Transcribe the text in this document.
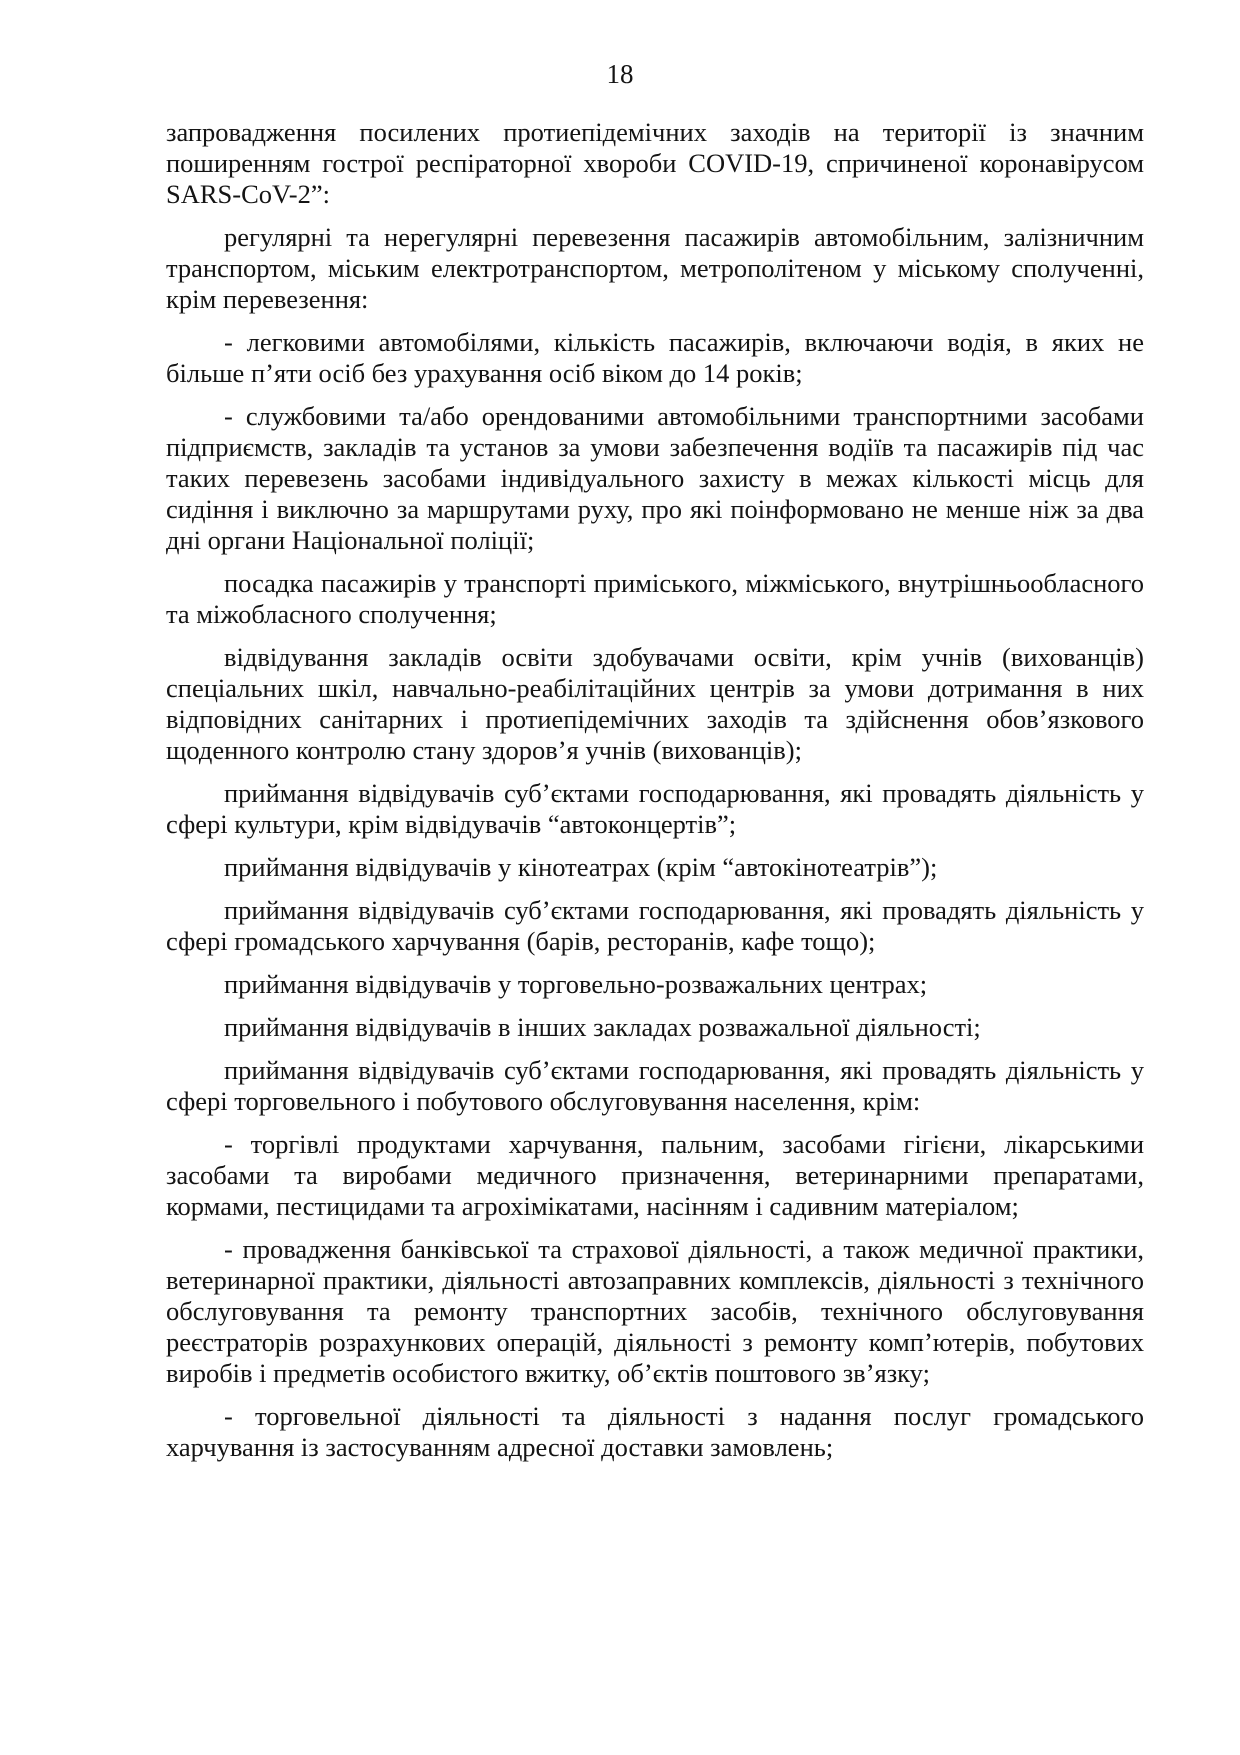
18

запровадження посилених протиепідемічних заходів на території із значним поширенням гострої респіраторної хвороби COVID-19, спричиненої коронавірусом SARS-CoV-2”:

регулярні та нерегулярні перевезення пасажирів автомобільним, залізничним транспортом, міським електротранспортом, метрополітеном у міському сполученні, крім перевезення:

- легковими автомобілями, кількість пасажирів, включаючи водія, в яких не більше п’яти осіб без урахування осіб віком до 14 років;

- службовими та/або орендованими автомобільними транспортними засобами підприємств, закладів та установ за умови забезпечення водіїв та пасажирів під час таких перевезень засобами індивідуального захисту в межах кількості місць для сидіння і виключно за маршрутами руху, про які поінформовано не менше ніж за два дні органи Національної поліції;

посадка пасажирів у транспорті приміського, міжміського, внутрішньообласного та міжобласного сполучення;

відвідування закладів освіти здобувачами освіти, крім учнів (вихованців) спеціальних шкіл, навчально-реабілітаційних центрів за умови дотримання в них відповідних санітарних і протиепідемічних заходів та здійснення обов’язкового щоденного контролю стану здоров’я учнів (вихованців);

приймання відвідувачів суб’єктами господарювання, які провадять діяльність у сфері культури, крім відвідувачів “автоконцертів”;

приймання відвідувачів у кінотеатрах (крім “автокінотеатрів”);

приймання відвідувачів суб’єктами господарювання, які провадять діяльність у сфері громадського харчування (барів, ресторанів, кафе тощо);

приймання відвідувачів у торговельно-розважальних центрах;

приймання відвідувачів в інших закладах розважальної діяльності;

приймання відвідувачів суб’єктами господарювання, які провадять діяльність у сфері торговельного і побутового обслуговування населення, крім:

- торгівлі продуктами харчування, пальним, засобами гігієни, лікарськими засобами та виробами медичного призначення, ветеринарними препаратами, кормами, пестицидами та агрохімікатами, насінням і садивним матеріалом;

- провадження банківської та страхової діяльності, а також медичної практики, ветеринарної практики, діяльності автозаправних комплексів, діяльності з технічного обслуговування та ремонту транспортних засобів, технічного обслуговування реєстраторів розрахункових операцій, діяльності з ремонту комп’ютерів, побутових виробів і предметів особистого вжитку, об’єктів поштового зв’язку;

- торговельної діяльності та діяльності з надання послуг громадського харчування із застосуванням адресної доставки замовлень;
